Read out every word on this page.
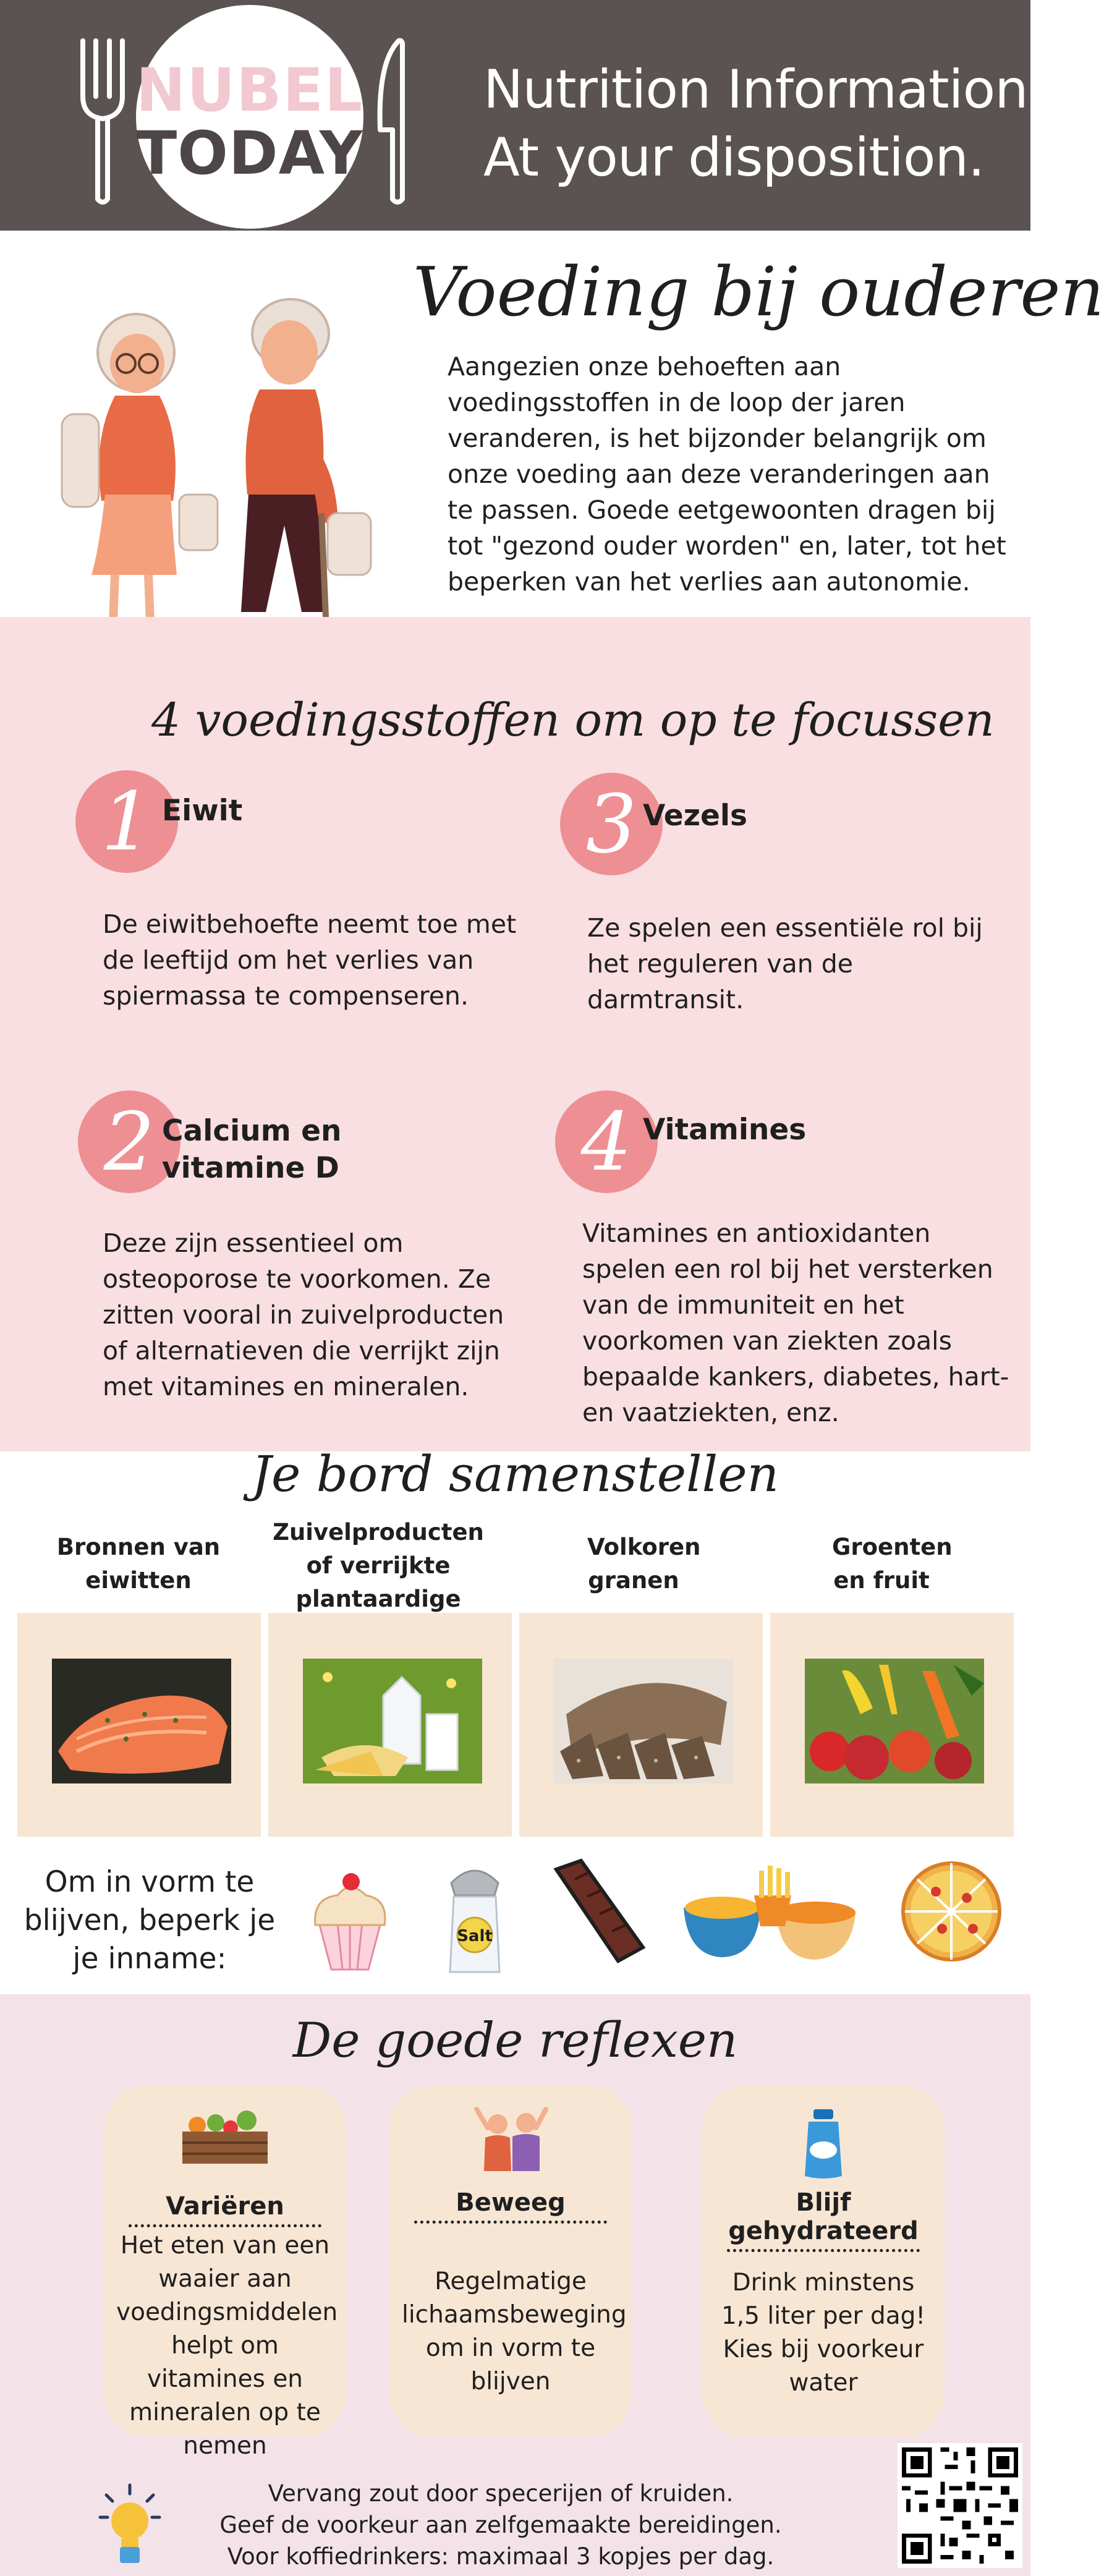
NUBEL
TODAY
Nutrition Information.
At your disposition.
Voeding bij ouderen
Aangezien onze behoeften aan voedingsstoffen in de loop der jaren veranderen, is het bijzonder belangrijk om onze voeding aan deze veranderingen aan te passen. Goede eetgewoonten dragen bij tot "gezond ouder worden" en, later, tot het beperken van het verlies aan autonomie.
4 voedingsstoffen om op te focussen
1 Eiwit
De eiwitbehoefte neemt toe met de leeftijd om het verlies van spiermassa te compenseren.
3 Vezels
Ze spelen een essentiële rol bij het reguleren van de darmtransit.
2 Calcium en vitamine D
Deze zijn essentieel om osteoporose te voorkomen. Ze zitten vooral in zuivelproducten of alternatieven die verrijkt zijn met vitamines en mineralen.
4 Vitamines
Vitamines en antioxidanten spelen een rol bij het versterken van de immuniteit en het voorkomen van ziekten zoals bepaalde kankers, diabetes, hart- en vaatziekten, enz.
Je bord samenstellen
Bronnen van eiwitten
Zuivelproducten of verrijkte plantaardige
Volkoren granen
Groenten en fruit
Om in vorm te blijven, beperk je je inname:
Salt
De goede reflexen
Variëren
Het eten van een waaier aan voedingsmiddelen helpt om vitamines en mineralen op te nemen
Beweeg
Regelmatige lichaamsbeweging om in vorm te blijven
Blijf gehydrateerd
Drink minstens 1,5 liter per dag! Kies bij voorkeur water
Vervang zout door specerijen of kruiden.
Geef de voorkeur aan zelfgemaakte bereidingen.
Voor koffiedrinkers: maximaal 3 kopjes per dag.
